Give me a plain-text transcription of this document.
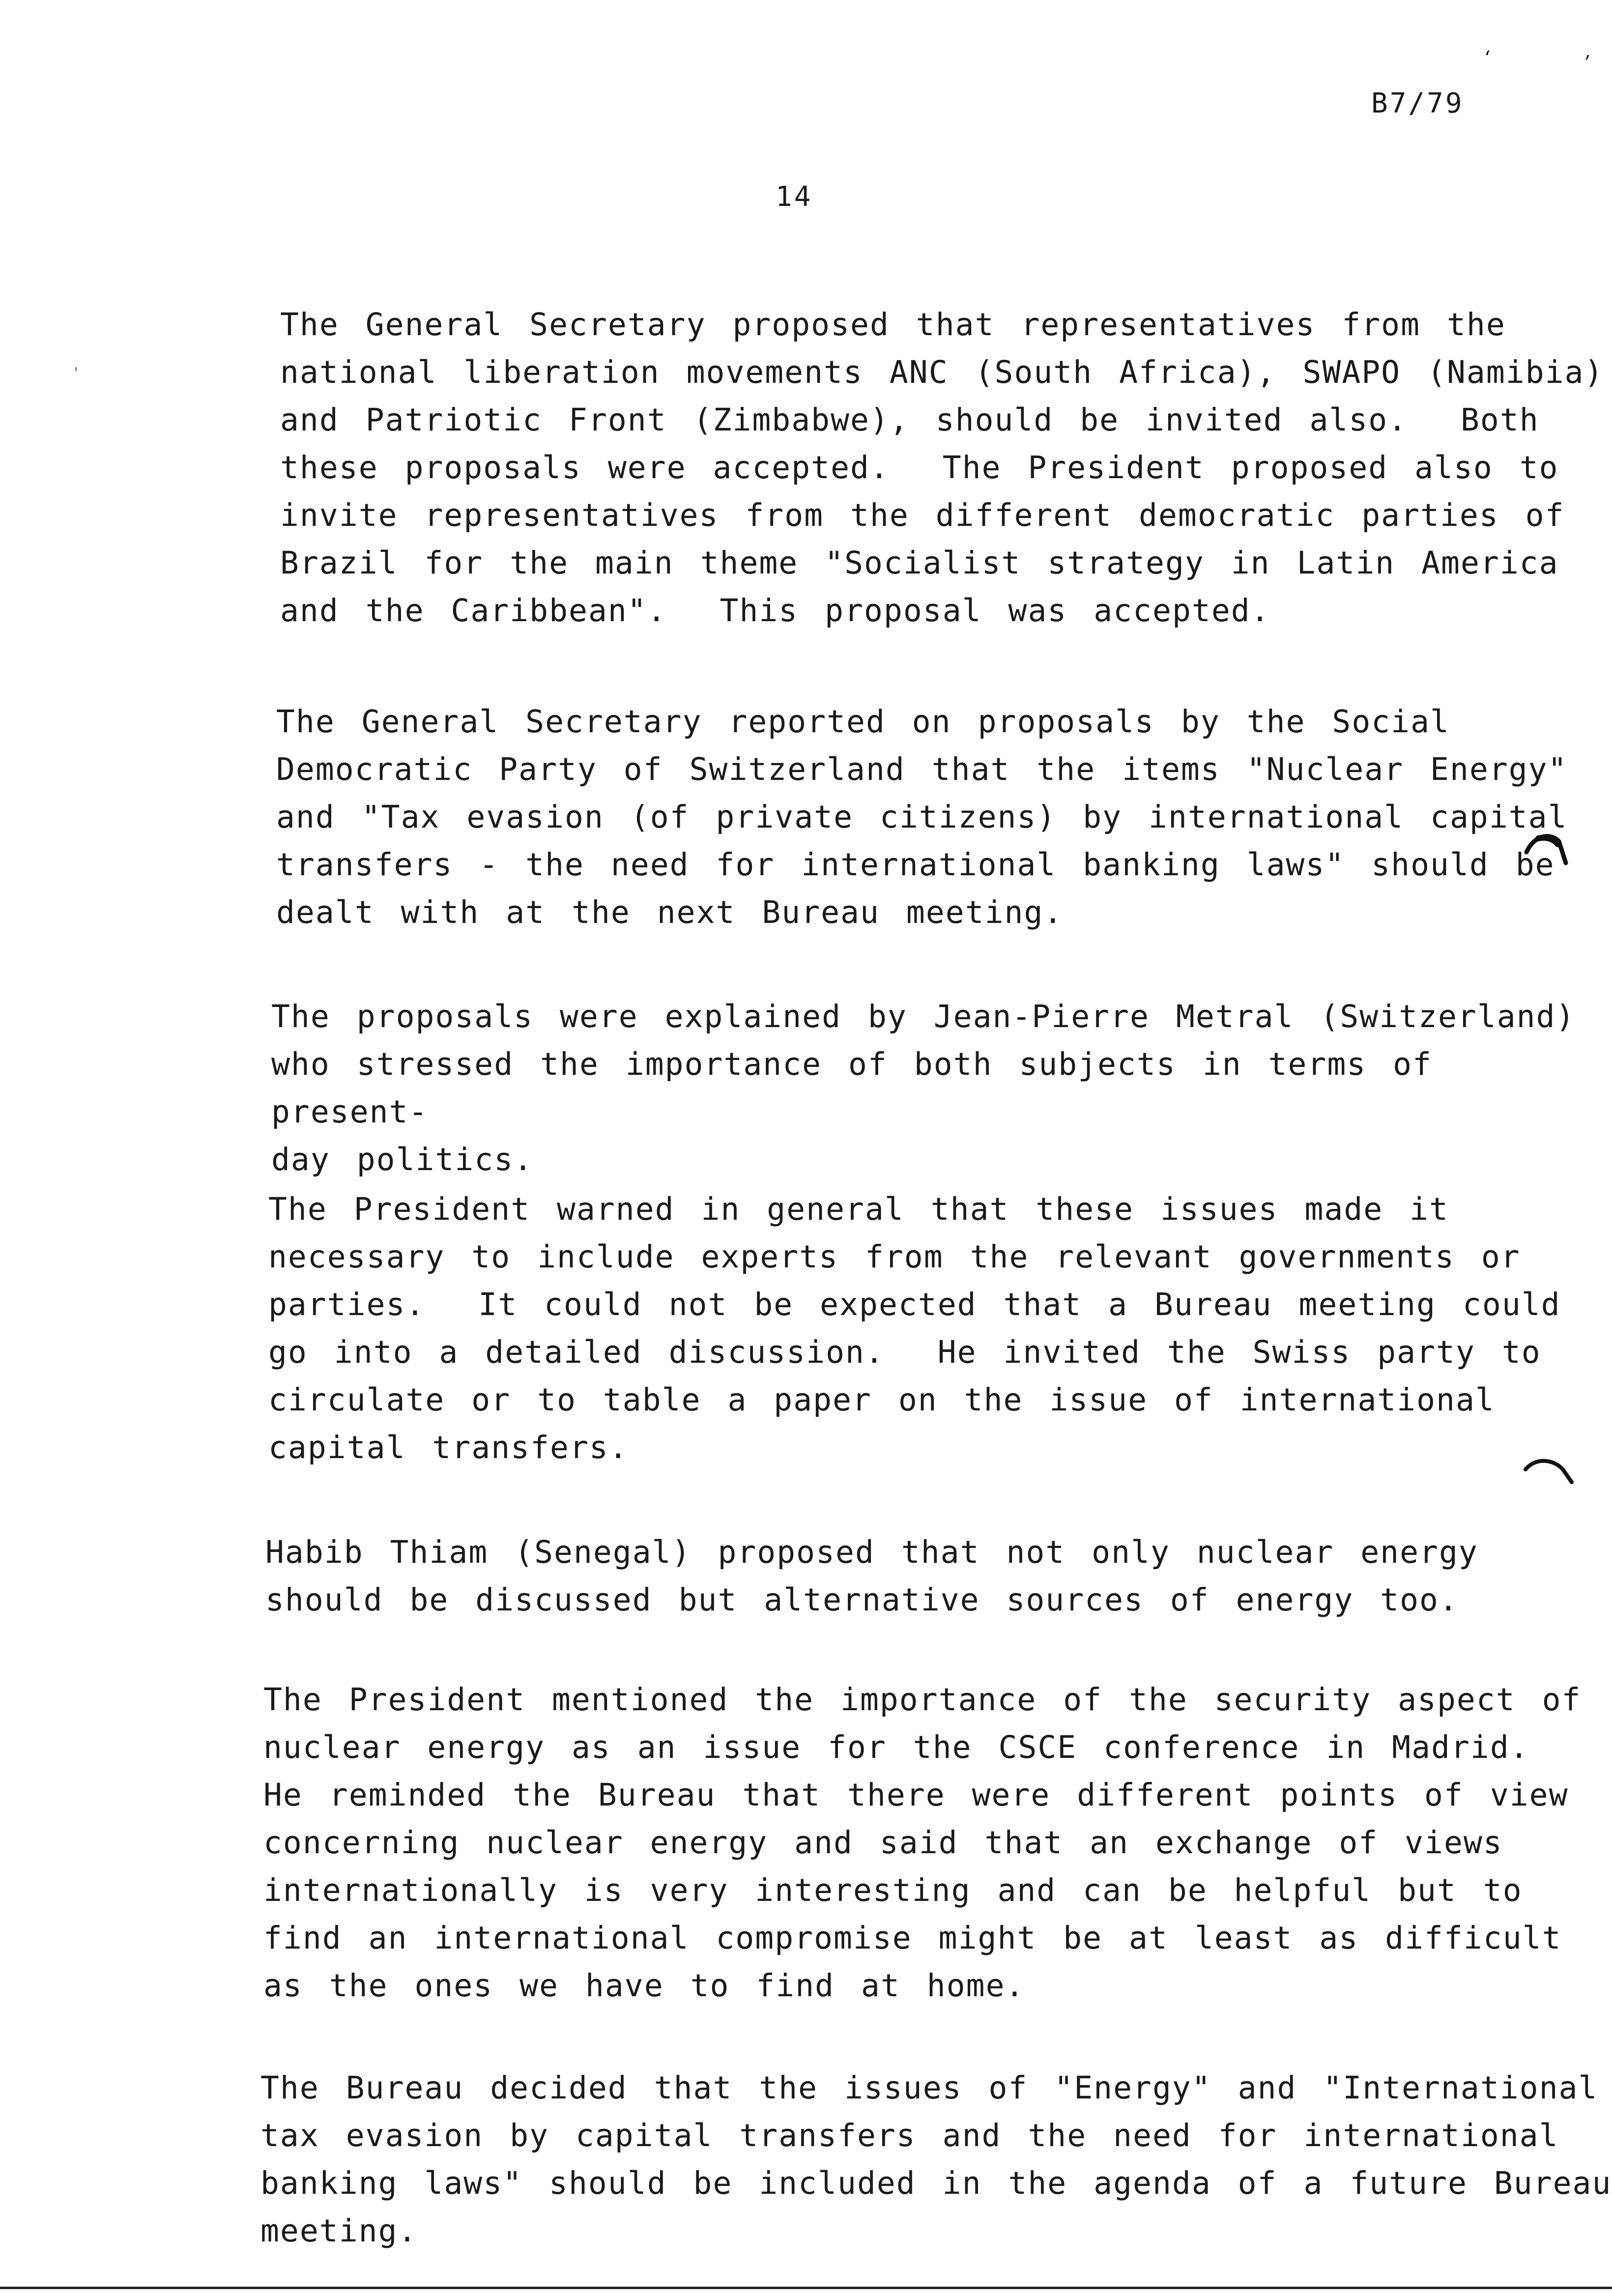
ʻ	ʼ
ˈ
B7/79
14

The General Secretary proposed that representatives from the
national liberation movements ANC (South Africa), SWAPO (Namibia)
and Patriotic Front (Zimbabwe), should be invited also.  Both
these proposals were accepted.  The President proposed also to
invite representatives from the different democratic parties of
Brazil for the main theme "Socialist strategy in Latin America
and the Caribbean".  This proposal was accepted.

The General Secretary reported on proposals by the Social
Democratic Party of Switzerland that the items "Nuclear Energy"
and "Tax evasion (of private citizens) by international capital
transfers - the need for international banking laws" should be
dealt with at the next Bureau meeting.

The proposals were explained by Jean-Pierre Metral (Switzerland)
who stressed the importance of both subjects in terms of present-
day politics.

The President warned in general that these issues made it
necessary to include experts from the relevant governments or
parties.  It could not be expected that a Bureau meeting could
go into a detailed discussion.  He invited the Swiss party to
circulate or to table a paper on the issue of international
capital transfers.

Habib Thiam (Senegal) proposed that not only nuclear energy
should be discussed but alternative sources of energy too.

The President mentioned the importance of the security aspect of
nuclear energy as an issue for the CSCE conference in Madrid.
He reminded the Bureau that there were different points of view
concerning nuclear energy and said that an exchange of views
internationally is very interesting and can be helpful but to
find an international compromise might be at least as difficult
as the ones we have to find at home.

The Bureau decided that the issues of "Energy" and "International
tax evasion by capital transfers and the need for international
banking laws" should be included in the agenda of a future Bureau
meeting.
